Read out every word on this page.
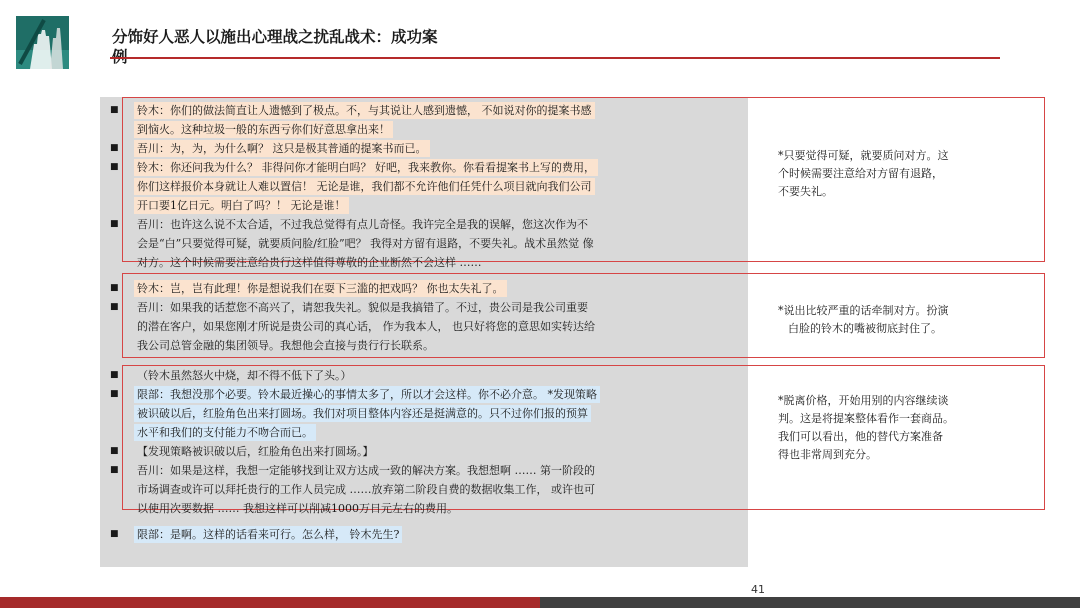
分饰好人恶人以施出心理战之扰乱战术：成功案
■ 铃木：你们的做法简直让人遗憾到了极点。不，与其说让人感到遗憾， 不如说对你的提案书感
到恼火。这种垃圾一般的东西亏你们好意思拿出来！
■ 吾川：为，为，为什么啊？ 这只是极其普通的提案书而已。
■ 铃木：你还问我为什么？ 非得问你才能明白吗？ 好吧，我来教你。你看看提案书上写的费用，
你们这样报价本身就让人难以置信！ 无论是谁，我们都不允许他们任凭什么项目就向我们公司
开口要1亿日元。明白了吗？！ 无论是谁！
■ 吾川：也许这么说不太合适，不过我总觉得有点儿奇怪。我许完全是我的误解，您这次作为不
会是“白”只要觉得可疑，就要质问脸/红脸”吧？ 我得对方留有退路，不要失礼。战术虽然觉 像
对方。这个时候需要注意给贵行这样值得尊敬的企业断然不会这样 ……
*只要觉得可疑，就要质问对方。这
个时候需要注意给对方留有退路，
不要失礼。
■ 铃木：岂，岂有此理！你是想说我们在耍下三滥的把戏吗？ 你也太失礼了。
■ 吾川：如果我的话惹您不高兴了，请恕我失礼。貌似是我搞错了。不过，贵公司是我公司重要
的潜在客户，如果您刚才所说是贵公司的真心话， 作为我本人， 也只好将您的意思如实转达给
我公司总管金融的集团领导。我想他会直接与贵行行长联系。
*说出比较严重的话牵制对方。扮演
白脸的铃木的嘴被彻底封住了。
■ （铃木虽然怒火中烧，却不得不低下了头。）
■ 限部：我想没那个必要。铃木最近操心的事情太多了，所以才会这样。你不必介意。 *发现策略
被识破以后，红脸角色出来打圆场。我们对项目整体内容还是挺满意的。只不过你们报的预算
水平和我们的支付能力不吻合而已。
■ 【发现策略被识破以后，红脸角色出来打圆场。】
■ 吾川：如果是这样，我想一定能够找到让双方达成一致的解决方案。我想想啊 …… 第一阶段的
市场调查或许可以拜托贵行的工作人员完成 ……放弃第二阶段自费的数据收集工作， 或许也可
以使用次要数据 …… 我想这样可以削减1000万日元左右的费用。
*脱离价格，开始用别的内容继续谈
判。这是将提案整体看作一套商品。
我们可以看出，他的替代方案准备
得也非常周到充分。
■ 限部：是啊。这样的话看来可行。怎么样， 铃木先生?
41
